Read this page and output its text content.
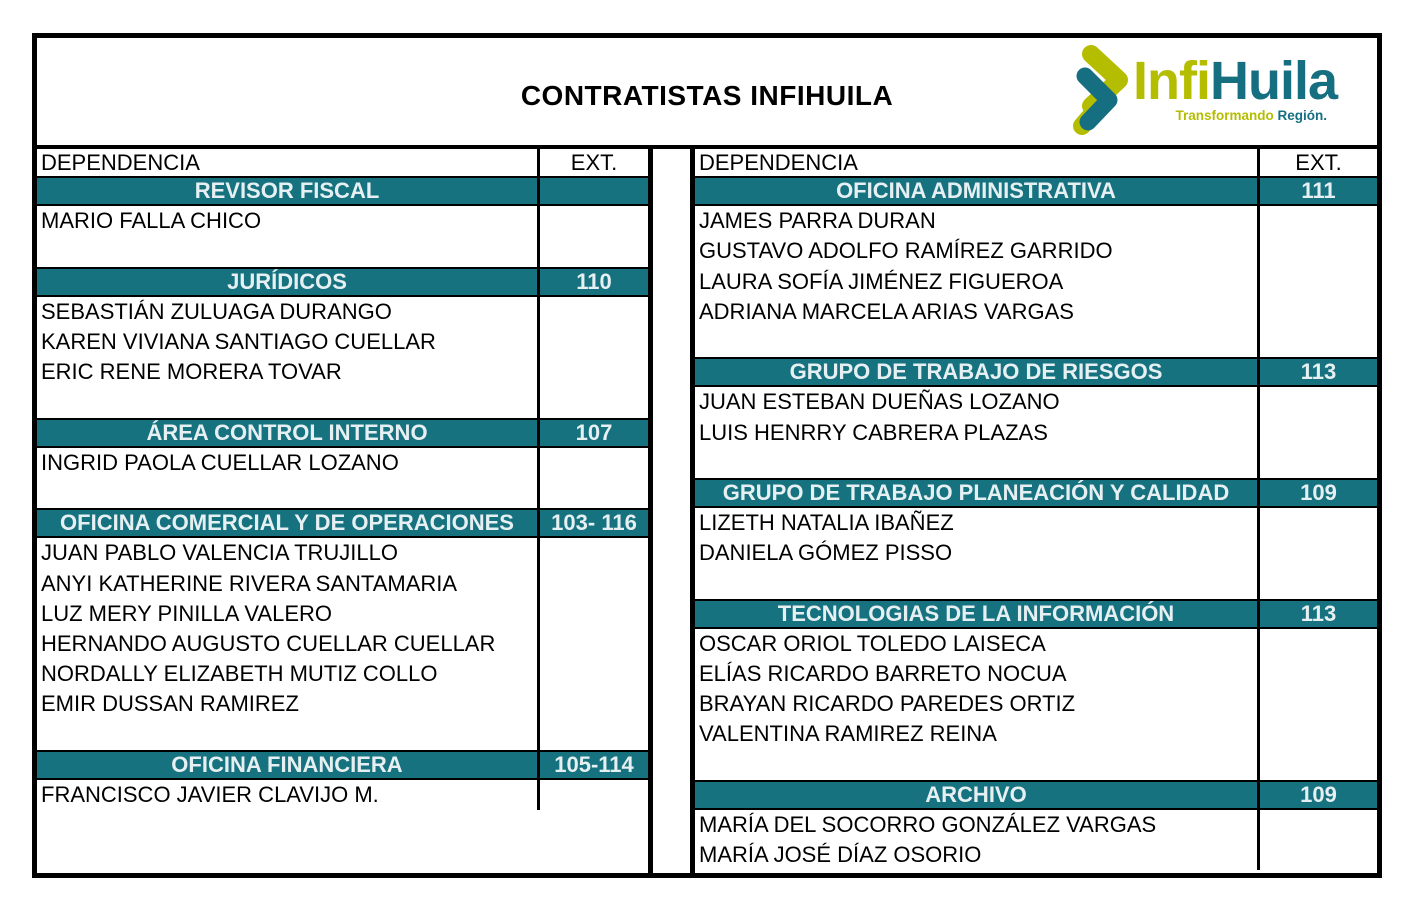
CONTRATISTAS INFIHUILA	InfiHuila
Transformando Región.
DEPENDENCIA	EXT.
REVISOR FISCAL
MARIO FALLA CHICO
JURÍDICOS	110
SEBASTIÁN ZULUAGA DURANGO
KAREN VIVIANA SANTIAGO CUELLAR
ERIC RENE MORERA TOVAR
ÁREA CONTROL INTERNO	107
INGRID PAOLA CUELLAR LOZANO
OFICINA COMERCIAL Y DE OPERACIONES	103- 116
JUAN PABLO VALENCIA TRUJILLO
ANYI KATHERINE RIVERA SANTAMARIA
LUZ MERY PINILLA VALERO
HERNANDO AUGUSTO CUELLAR CUELLAR
NORDALLY ELIZABETH MUTIZ COLLO
EMIR DUSSAN RAMIREZ
OFICINA FINANCIERA	105-114
FRANCISCO JAVIER CLAVIJO M.
DEPENDENCIA	EXT.
OFICINA ADMINISTRATIVA	111
JAMES PARRA DURAN
GUSTAVO ADOLFO RAMÍREZ GARRIDO
LAURA SOFÍA JIMÉNEZ FIGUEROA
ADRIANA MARCELA ARIAS VARGAS
GRUPO DE TRABAJO DE RIESGOS	113
JUAN ESTEBAN DUEÑAS LOZANO
LUIS HENRRY CABRERA PLAZAS
GRUPO DE TRABAJO PLANEACIÓN Y CALIDAD	109
LIZETH NATALIA IBAÑEZ
DANIELA GÓMEZ PISSO
TECNOLOGIAS DE LA INFORMACIÓN	113
OSCAR ORIOL TOLEDO LAISECA
ELÍAS RICARDO BARRETO NOCUA
BRAYAN RICARDO PAREDES ORTIZ
VALENTINA RAMIREZ REINA
ARCHIVO	109
MARÍA DEL SOCORRO GONZÁLEZ VARGAS
MARÍA JOSÉ DÍAZ OSORIO
